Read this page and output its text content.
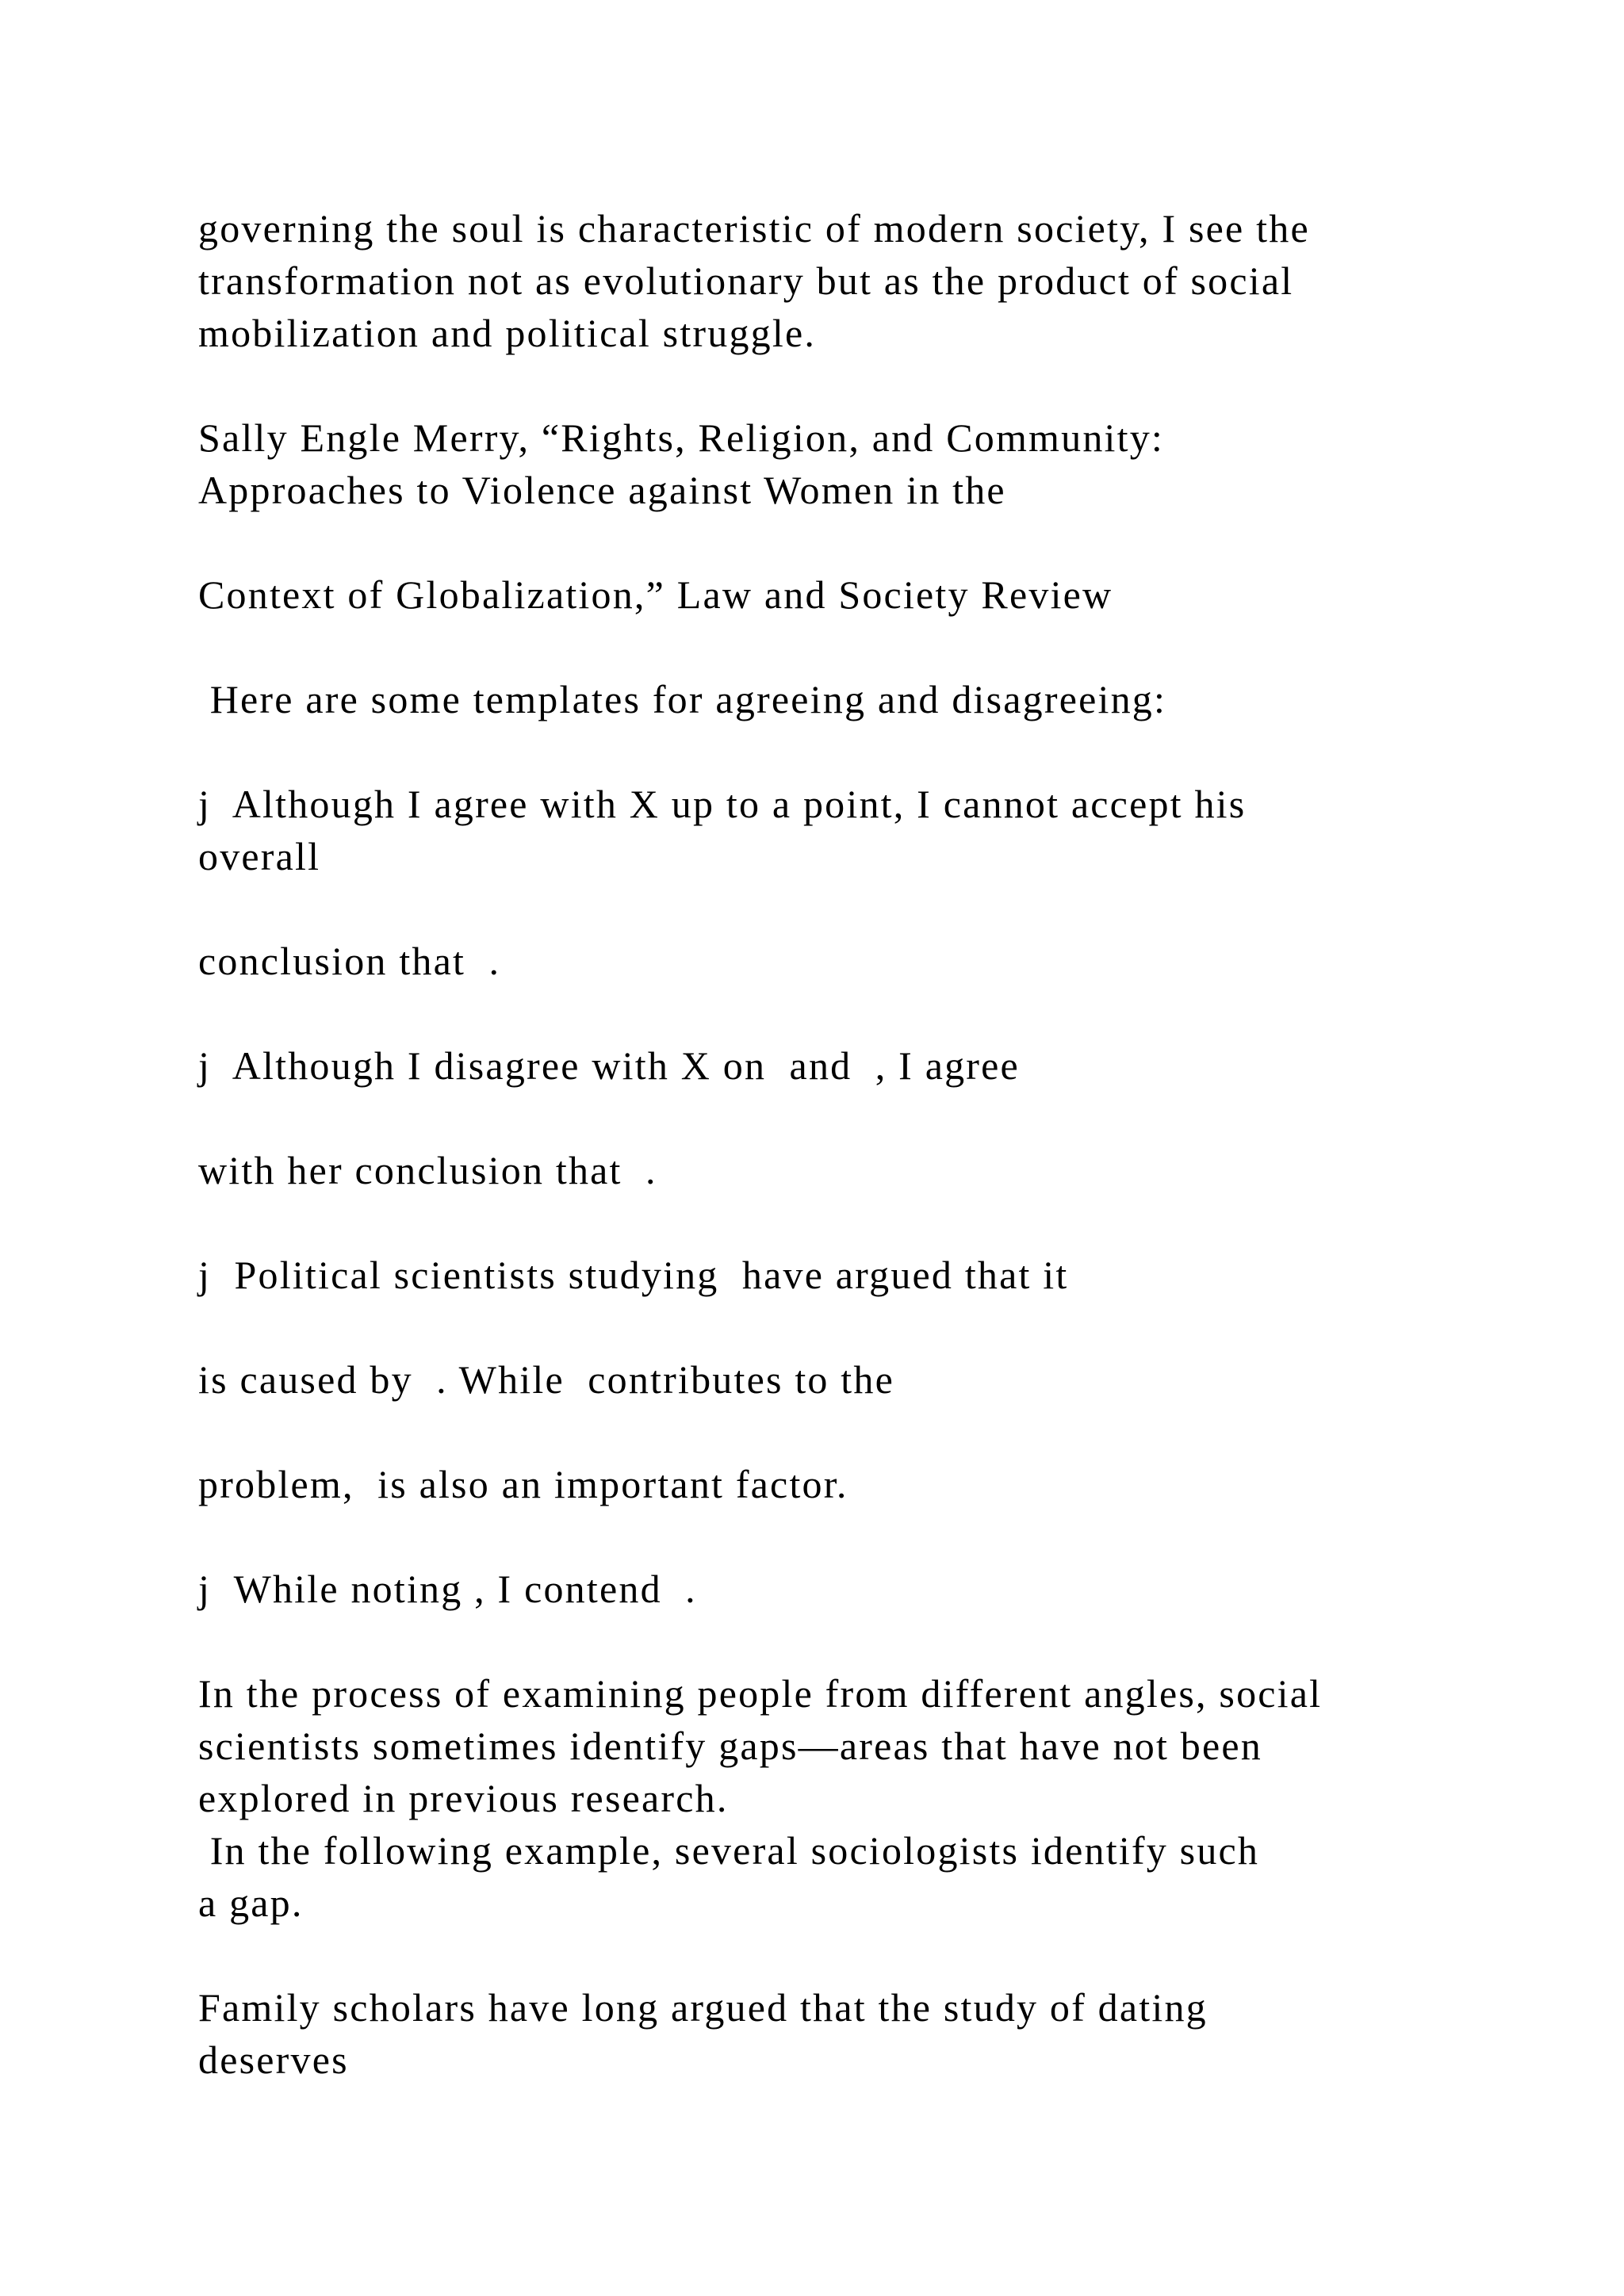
governing the soul is characteristic of modern society, I see the
transformation not as evolutionary but as the product of social
mobilization and political struggle.
Sally Engle Merry, “Rights, Religion, and Community:
Approaches to Violence against Women in the
Context of Globalization,” Law and Society Review
Here are some templates for agreeing and disagreeing:
j  Although I agree with X up to a point, I cannot accept his
overall
conclusion that  .
j  Although I disagree with X on  and  , I agree
with her conclusion that  .
j  Political scientists studying  have argued that it
is caused by  . While  contributes to the
problem,  is also an important factor.
j  While noting , I contend  .
In the process of examining people from different angles, social
scientists sometimes identify gaps—areas that have not been
explored in previous research.
In the following example, several sociologists identify such
a gap.
Family scholars have long argued that the study of dating
deserves
